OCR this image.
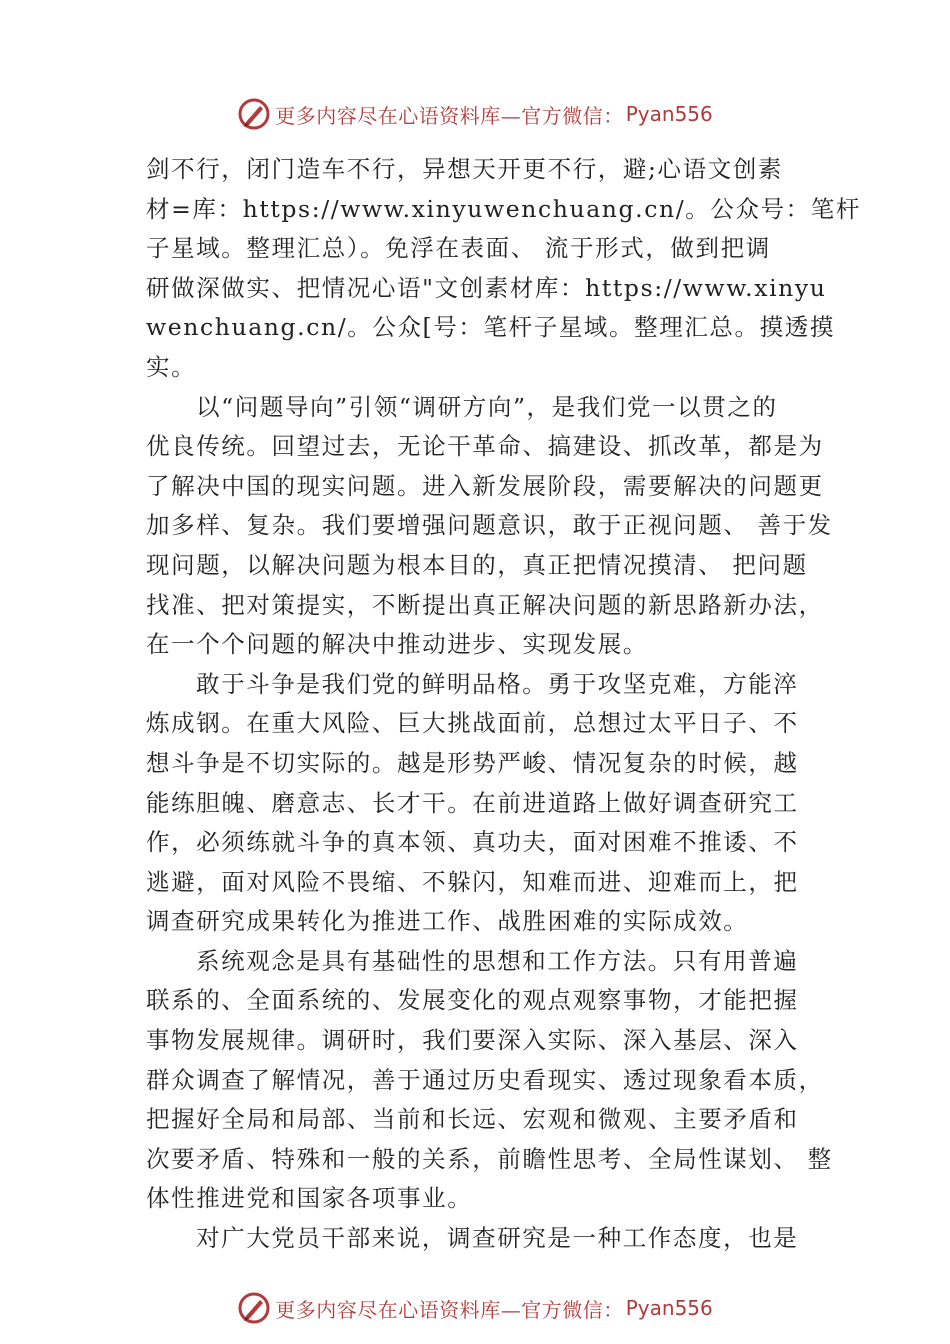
更多内容尽在心语资料库—官方微信： Pyan556
剑不行，闭门造车不行，异想天开更不行，避;心语文创素
材=库：https://www.xinyuwenchuang.cn/。公众号：笔杆
子星域。整理汇总）。免浮在表面、 流于形式，做到把调
研做深做实、把情况心语"文创素材库：https://www.xinyu
wenchuang.cn/。公众[号：笔杆子星域。整理汇总。摸透摸
实。
以“问题导向”引领“调研方向”，是我们党一以贯之的
优良传统。回望过去，无论干革命、搞建设、抓改革，都是为
了解决中国的现实问题。进入新发展阶段，需要解决的问题更
加多样、复杂。我们要增强问题意识，敢于正视问题、 善于发
现问题，以解决问题为根本目的，真正把情况摸清、 把问题
找准、把对策提实，不断提出真正解决问题的新思路新办法，
在一个个问题的解决中推动进步、实现发展。
敢于斗争是我们党的鲜明品格。勇于攻坚克难，方能淬
炼成钢。在重大风险、巨大挑战面前，总想过太平日子、不
想斗争是不切实际的。越是形势严峻、情况复杂的时候，越
能练胆魄、磨意志、长才干。在前进道路上做好调查研究工
作，必须练就斗争的真本领、真功夫，面对困难不推诿、不
逃避，面对风险不畏缩、不躲闪，知难而进、迎难而上，把
调查研究成果转化为推进工作、战胜困难的实际成效。
系统观念是具有基础性的思想和工作方法。只有用普遍
联系的、全面系统的、发展变化的观点观察事物，才能把握
事物发展规律。调研时，我们要深入实际、深入基层、深入
群众调查了解情况，善于通过历史看现实、透过现象看本质，
把握好全局和局部、当前和长远、宏观和微观、主要矛盾和
次要矛盾、特殊和一般的关系，前瞻性思考、全局性谋划、 整
体性推进党和国家各项事业。
对广大党员干部来说，调查研究是一种工作态度，也是
更多内容尽在心语资料库—官方微信： Pyan556
